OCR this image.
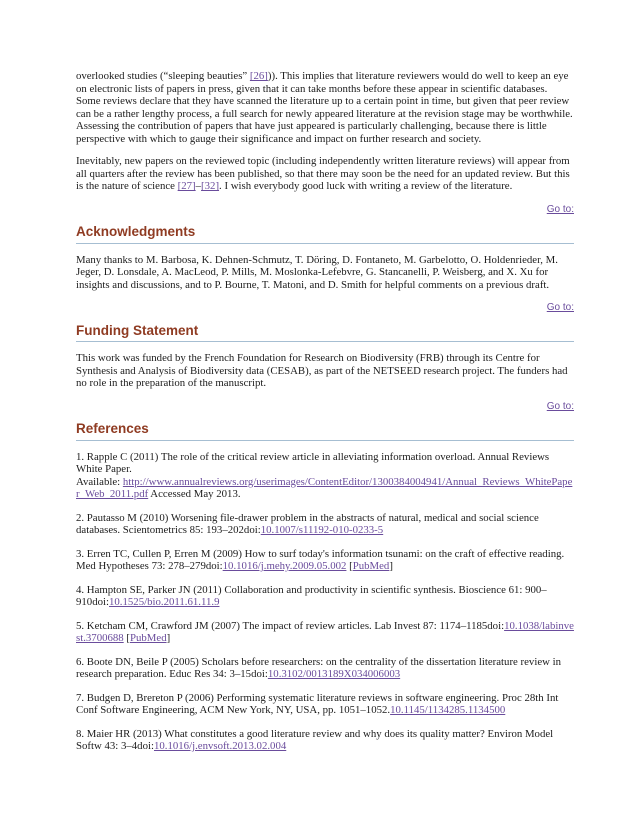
overlooked studies (“sleeping beauties” [26])). This implies that literature reviewers would do well to keep an eye on electronic lists of papers in press, given that it can take months before these appear in scientific databases. Some reviews declare that they have scanned the literature up to a certain point in time, but given that peer review can be a rather lengthy process, a full search for newly appeared literature at the revision stage may be worthwhile. Assessing the contribution of papers that have just appeared is particularly challenging, because there is little perspective with which to gauge their significance and impact on further research and society.

Inevitably, new papers on the reviewed topic (including independently written literature reviews) will appear from all quarters after the review has been published, so that there may soon be the need for an updated review. But this is the nature of science [27]–[32]. I wish everybody good luck with writing a review of the literature.

Go to:
Acknowledgments

Many thanks to M. Barbosa, K. Dehnen-Schmutz, T. Döring, D. Fontaneto, M. Garbelotto, O. Holdenrieder, M. Jeger, D. Lonsdale, A. MacLeod, P. Mills, M. Moslonka-Lefebvre, G. Stancanelli, P. Weisberg, and X. Xu for insights and discussions, and to P. Bourne, T. Matoni, and D. Smith for helpful comments on a previous draft.

Go to:
Funding Statement

This work was funded by the French Foundation for Research on Biodiversity (FRB) through its Centre for Synthesis and Analysis of Biodiversity data (CESAB), as part of the NETSEED research project. The funders had no role in the preparation of the manuscript.

Go to:
References

1. Rapple C (2011) The role of the critical review article in alleviating information overload. Annual Reviews White Paper.
Available: http://www.annualreviews.org/userimages/ContentEditor/1300384004941/Annual_Reviews_WhitePaper_Web_2011.pdf Accessed May 2013.

2. Pautasso M (2010) Worsening file-drawer problem in the abstracts of natural, medical and social science databases. Scientometrics 85: 193–202doi:10.1007/s11192-010-0233-5

3. Erren TC, Cullen P, Erren M (2009) How to surf today's information tsunami: on the craft of effective reading. Med Hypotheses 73: 278–279doi:10.1016/j.mehy.2009.05.002 [PubMed]

4. Hampton SE, Parker JN (2011) Collaboration and productivity in scientific synthesis. Bioscience 61: 900–910doi:10.1525/bio.2011.61.11.9

5. Ketcham CM, Crawford JM (2007) The impact of review articles. Lab Invest 87: 1174–1185doi:10.1038/labinvest.3700688 [PubMed]

6. Boote DN, Beile P (2005) Scholars before researchers: on the centrality of the dissertation literature review in research preparation. Educ Res 34: 3–15doi:10.3102/0013189X034006003

7. Budgen D, Brereton P (2006) Performing systematic literature reviews in software engineering. Proc 28th Int Conf Software Engineering, ACM New York, NY, USA, pp. 1051–1052.10.1145/1134285.1134500

8. Maier HR (2013) What constitutes a good literature review and why does its quality matter? Environ Model Softw 43: 3–4doi:10.1016/j.envsoft.2013.02.004
